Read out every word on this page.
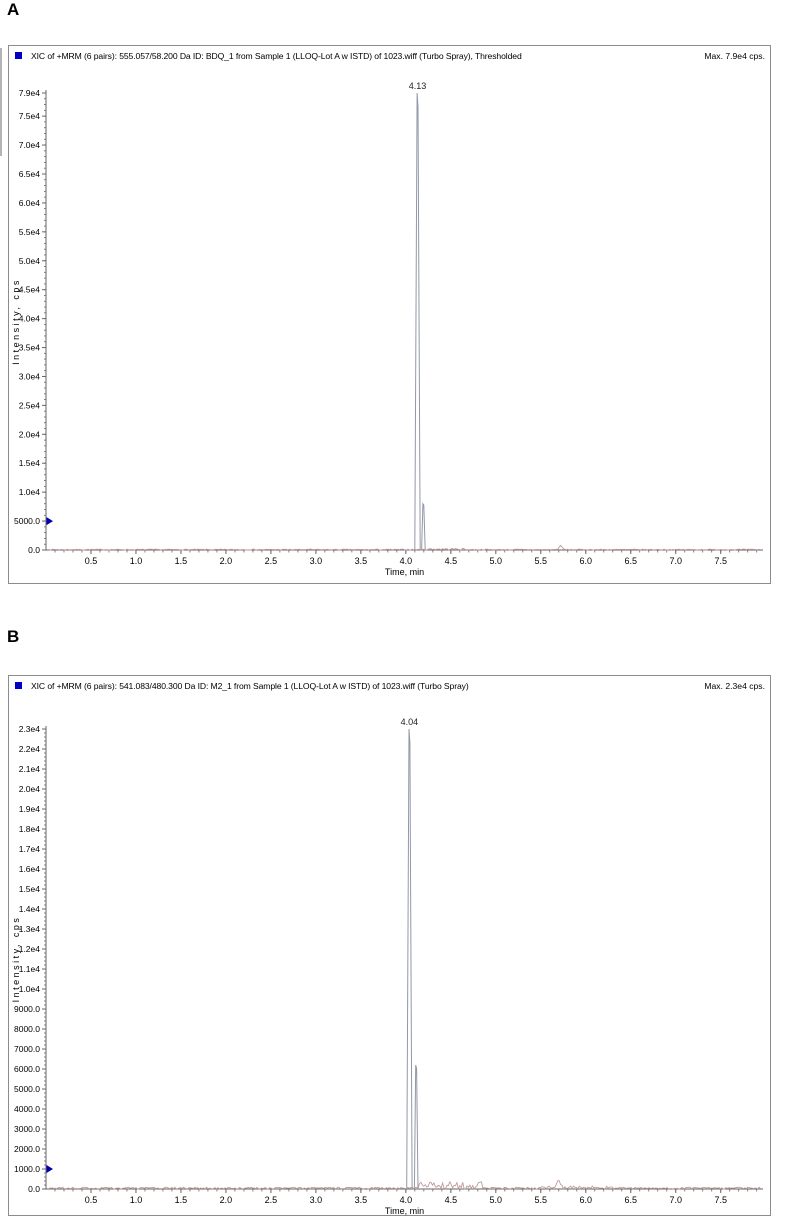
A
XIC of +MRM (6 pairs): 555.057/58.200 Da ID: BDQ_1 from Sample 1 (LLOQ-Lot A w ISTD) of 1023.wiff (Turbo Spray), Thresholded	Max. 7.9e4 cps.
0.0
5000.0
1.0e4
1.5e4
2.0e4
2.5e4
3.0e4
3.5e4
4.0e4
4.5e4
5.0e4
5.5e4
6.0e4
6.5e4
7.0e4
7.5e4
7.9e4
0.5	1.0	1.5	2.0	2.5	3.0	3.5	4.0	4.5	5.0	5.5	6.0	6.5	7.0	7.5
Time, min
Intensity, cps
4.13
B
XIC of +MRM (6 pairs): 541.083/480.300 Da ID: M2_1 from Sample 1 (LLOQ-Lot A w ISTD) of 1023.wiff (Turbo Spray)	Max. 2.3e4 cps.
0.0
1000.0
2000.0
3000.0
4000.0
5000.0
6000.0
7000.0
8000.0
9000.0
1.0e4
1.1e4
1.2e4
1.3e4
1.4e4
1.5e4
1.6e4
1.7e4
1.8e4
1.9e4
2.0e4
2.1e4
2.2e4
2.3e4
0.5	1.0	1.5	2.0	2.5	3.0	3.5	4.0	4.5	5.0	5.5	6.0	6.5	7.0	7.5
Time, min
Intensity, cps
4.04
